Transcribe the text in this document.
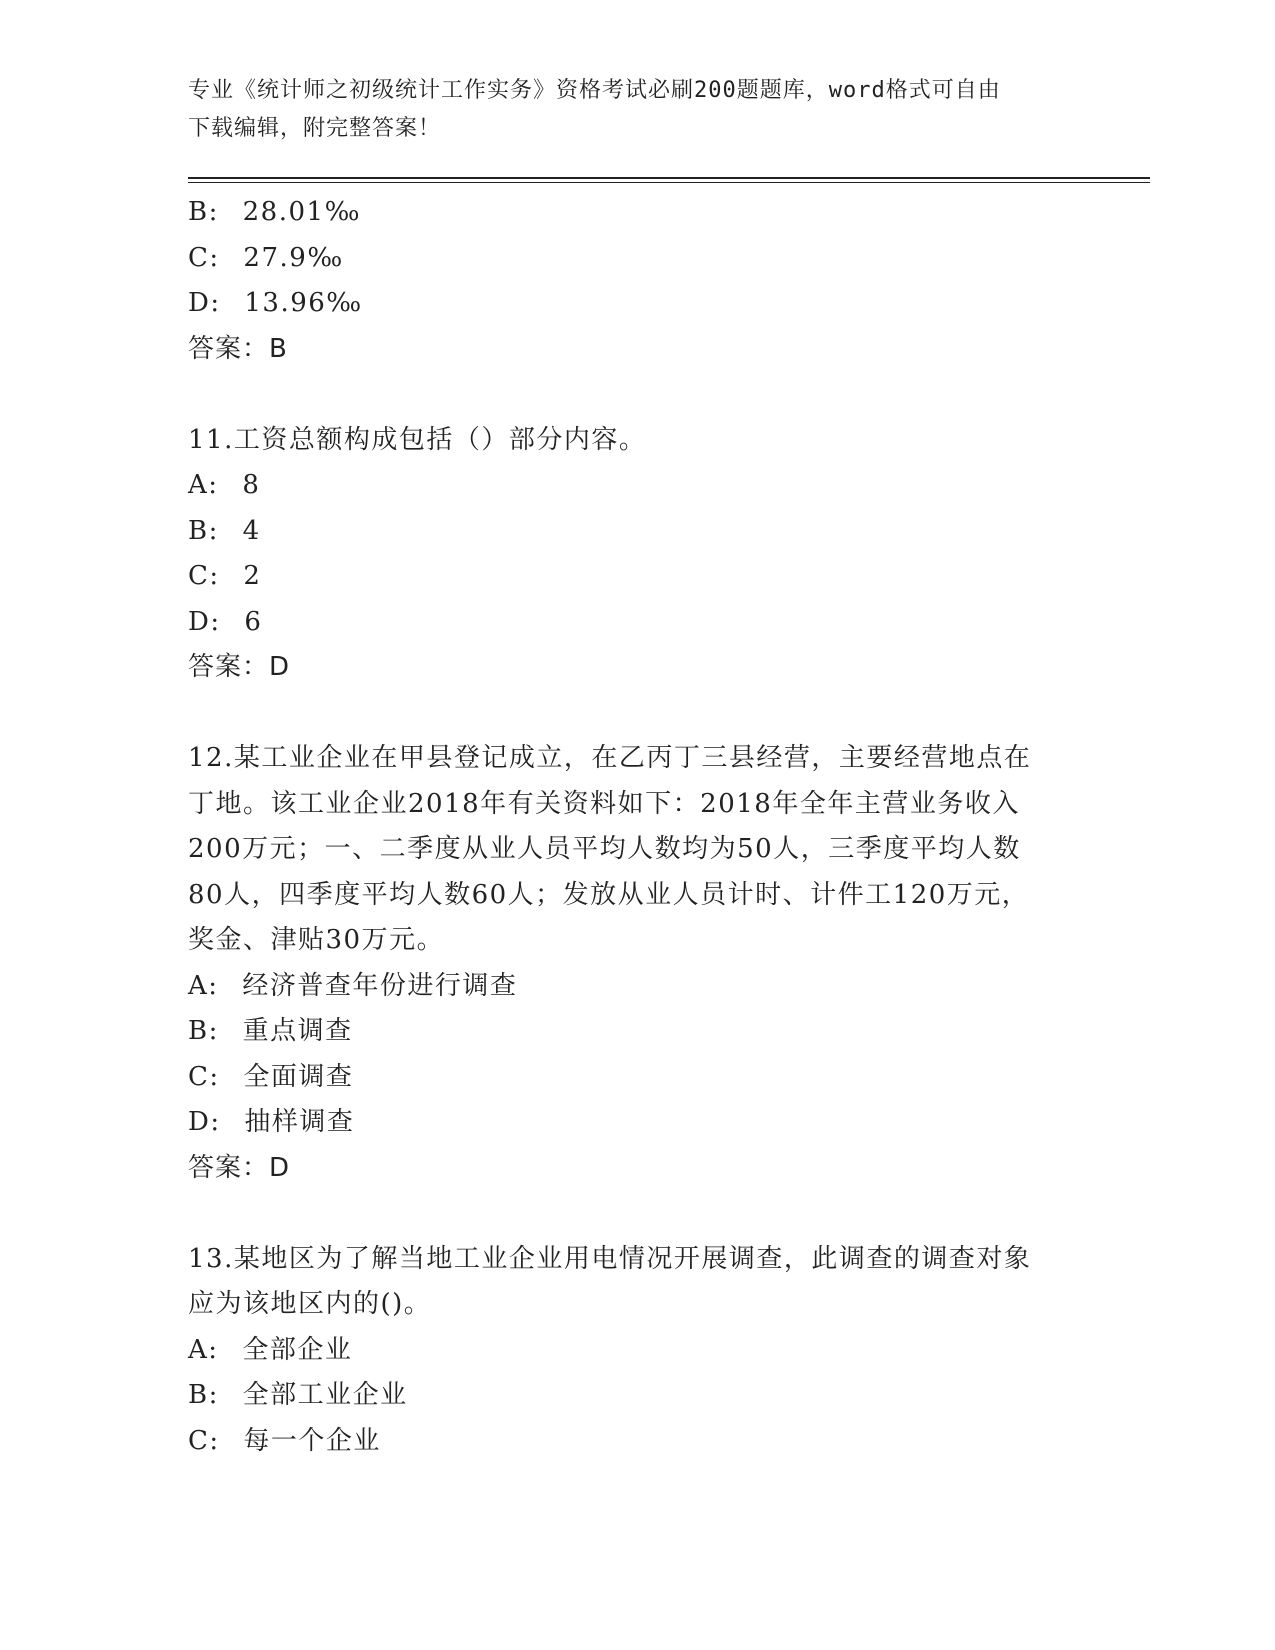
专业《统计师之初级统计工作实务》资格考试必刷200题题库，word格式可自由
下载编辑，附完整答案！
B: 28.01‰
C: 27.9‰
D: 13.96‰
答案：B
11.工资总额构成包括（）部分内容。
A: 8
B: 4
C: 2
D: 6
答案：D
12.某工业企业在甲县登记成立，在乙丙丁三县经营，主要经营地点在
丁地。该工业企业2018年有关资料如下：2018年全年主营业务收入
200万元；一、二季度从业人员平均人数均为50人，三季度平均人数
80人，四季度平均人数60人；发放从业人员计时、计件工120万元，
奖金、津贴30万元。
A: 经济普查年份进行调查
B: 重点调查
C: 全面调查
D: 抽样调查
答案：D
13.某地区为了解当地工业企业用电情况开展调查，此调查的调查对象
应为该地区内的()。
A: 全部企业
B: 全部工业企业
C: 每一个企业
